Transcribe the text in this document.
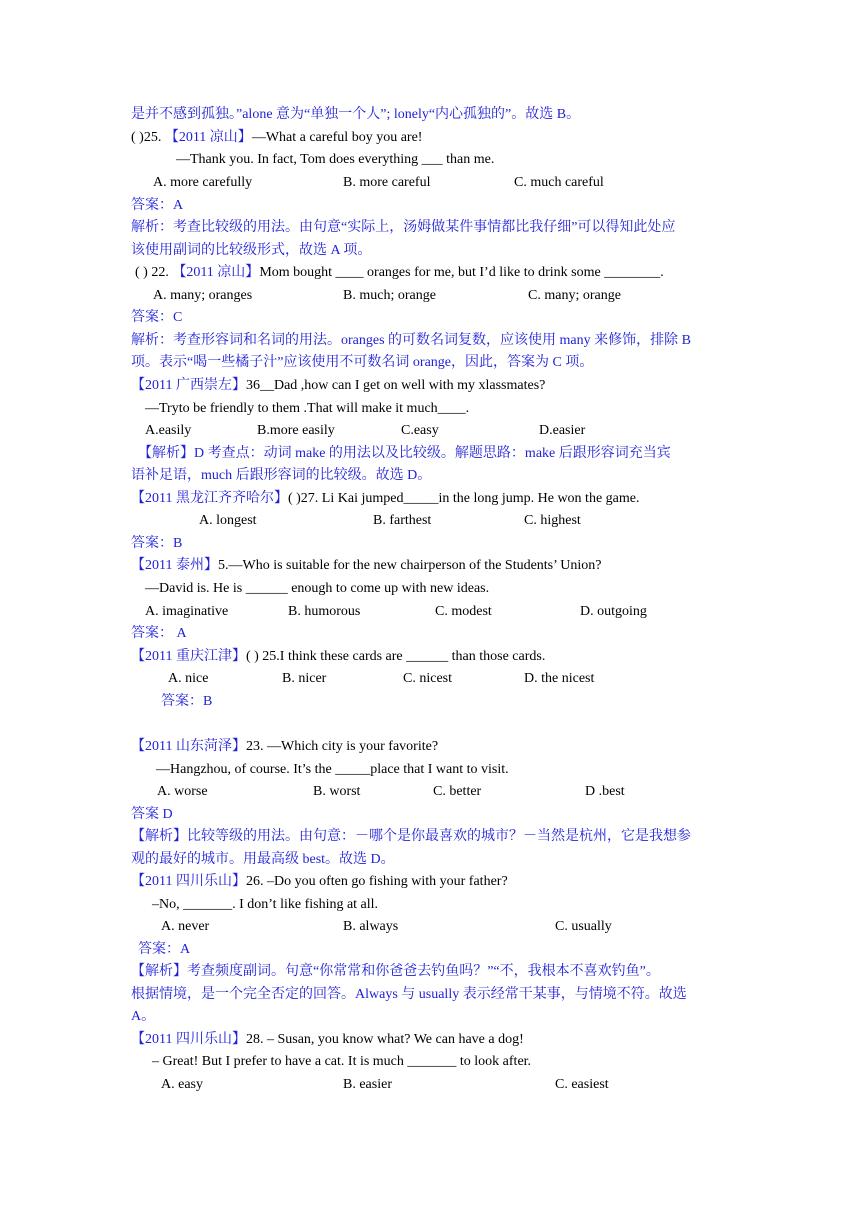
是并不感到孤独。”alone 意为“单独一个人”; lonely“内心孤独的”。故选 B。
( )25. 【2011 凉山】—What a careful boy you are!
—Thank you. In fact, Tom does everything ___ than me.
A. more carefully	B. more careful	C. much careful
答案：A
解析：考查比较级的用法。由句意“实际上，汤姆做某件事情都比我仔细”可以得知此处应
该使用副词的比较级形式，故选 A 项。
( ) 22. 【2011 凉山】Mom bought ____ oranges for me, but I’d like to drink some ________.
A. many; oranges	B. much; orange	C. many; orange
答案：C
解析：考查形容词和名词的用法。oranges 的可数名词复数，应该使用 many 来修饰，排除 B
项。表示“喝一些橘子汁”应该使用不可数名词 orange，因此，答案为 C 项。
【2011 广西崇左】36__Dad ,how can I get on well with my xlassmates?
—Tryto be friendly to them .That will make it much____.
A.easily	B.more easily	C.easy	D.easier
【解析】D 考查点：动词 make 的用法以及比较级。解题思路：make 后跟形容词充当宾
语补足语，much 后跟形容词的比较级。故选 D。
【2011 黑龙江齐齐哈尔】( )27. Li Kai jumped_____in the long jump. He won the game.
A. longest	B. farthest	C. highest
答案：B
【2011 泰州】5.—Who is suitable for the new chairperson of the Students’ Union?
—David is. He is ______ enough to come up with new ideas.
A. imaginative	B. humorous	C. modest	D. outgoing
答案： A
【2011 重庆江津】( ) 25.I think these cards are ______ than those cards.
A. nice	B. nicer	C. nicest	D. the nicest
答案：B
【2011 山东菏泽】23. —Which city is your favorite?
—Hangzhou, of course. It’s the _____place that I want to visit.
A. worse	B. worst	C. better	D .best
答案 D
【解析】比较等级的用法。由句意：－哪个是你最喜欢的城市？－当然是杭州，它是我想参
观的最好的城市。用最高级 best。故选 D。
【2011 四川乐山】26. –Do you often go fishing with your father?
–No, _______. I don’t like fishing at all.
A. never	B. always	C. usually
答案：A
【解析】考查频度副词。句意“你常常和你爸爸去钓鱼吗？”“不，我根本不喜欢钓鱼”。
根据情境，是一个完全否定的回答。Always 与 usually 表示经常干某事，与情境不符。故选
A。
【2011 四川乐山】28. – Susan, you know what? We can have a dog!
– Great! But I prefer to have a cat. It is much _______ to look after.
A. easy	B. easier	C. easiest
